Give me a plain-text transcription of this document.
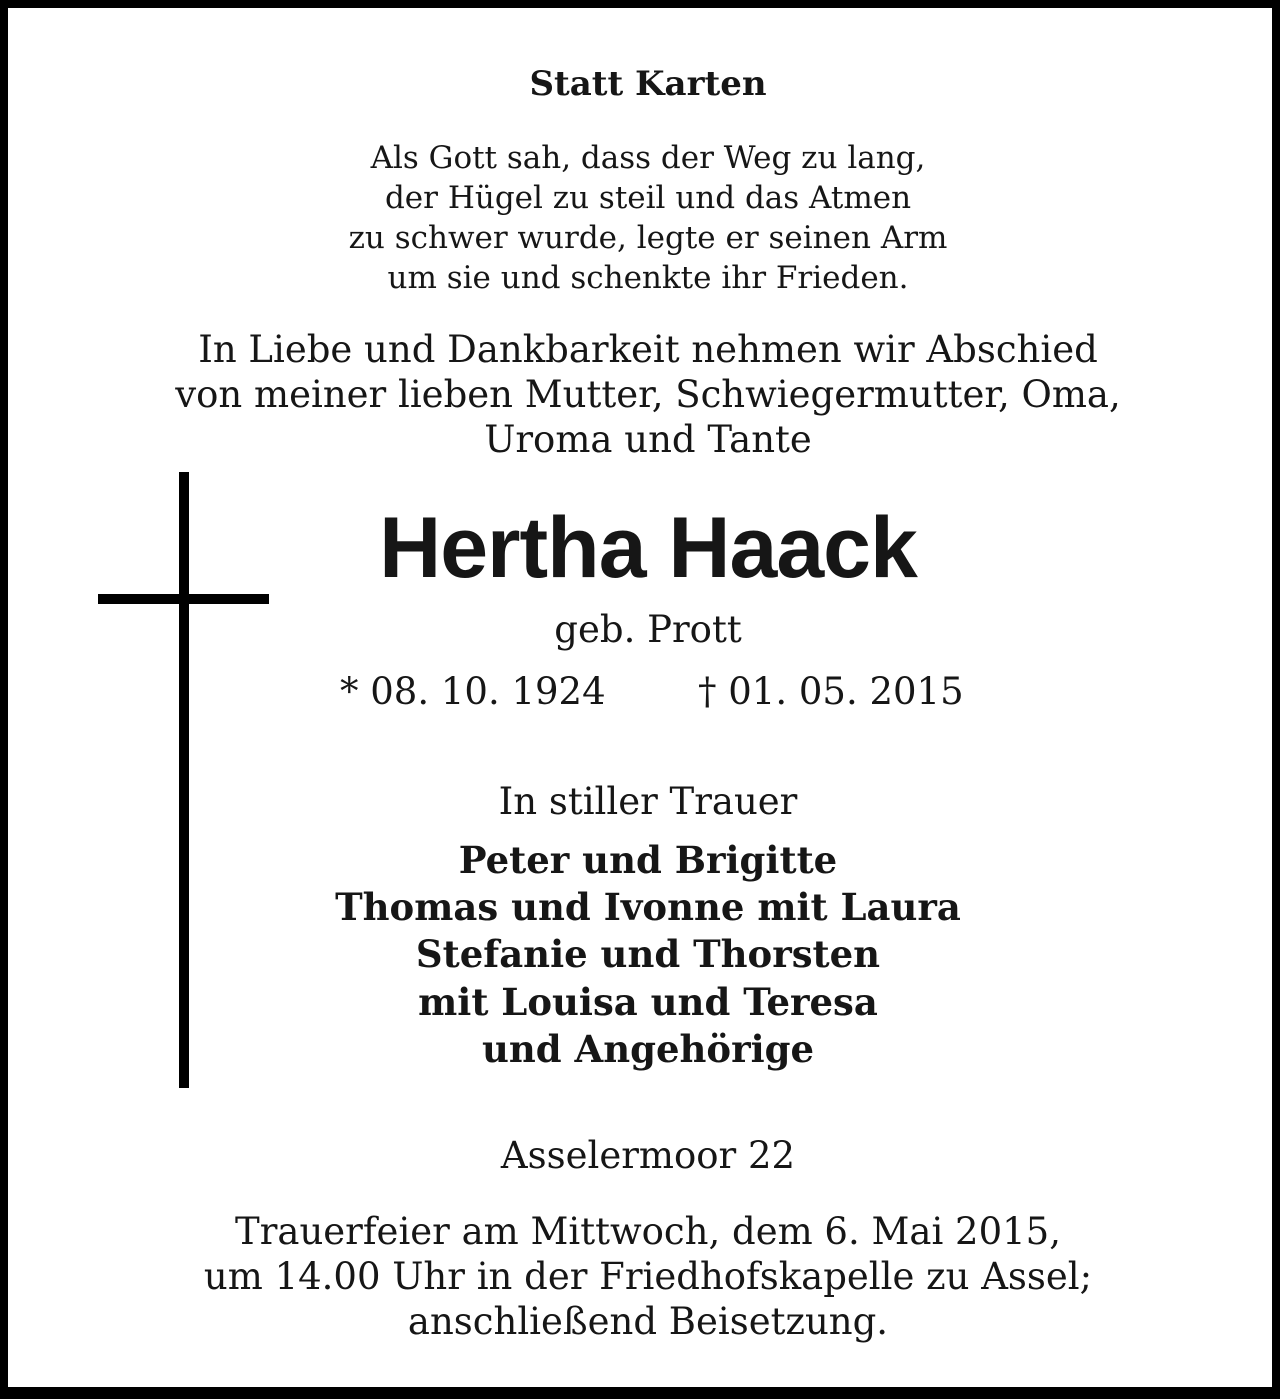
Statt Karten
Als Gott sah, dass der Weg zu lang,
der Hügel zu steil und das Atmen
zu schwer wurde, legte er seinen Arm
um sie und schenkte ihr Frieden.
In Liebe und Dankbarkeit nehmen wir Abschied
von meiner lieben Mutter, Schwiegermutter, Oma,
Uroma und Tante
Hertha Haack
geb. Prott
* 08. 10. 1924 † 01. 05. 2015
In stiller Trauer
Peter und Brigitte
Thomas und Ivonne mit Laura
Stefanie und Thorsten
mit Louisa und Teresa
und Angehörige
Asselermoor 22
Trauerfeier am Mittwoch, dem 6. Mai 2015,
um 14.00 Uhr in der Friedhofskapelle zu Assel;
anschließend Beisetzung.
